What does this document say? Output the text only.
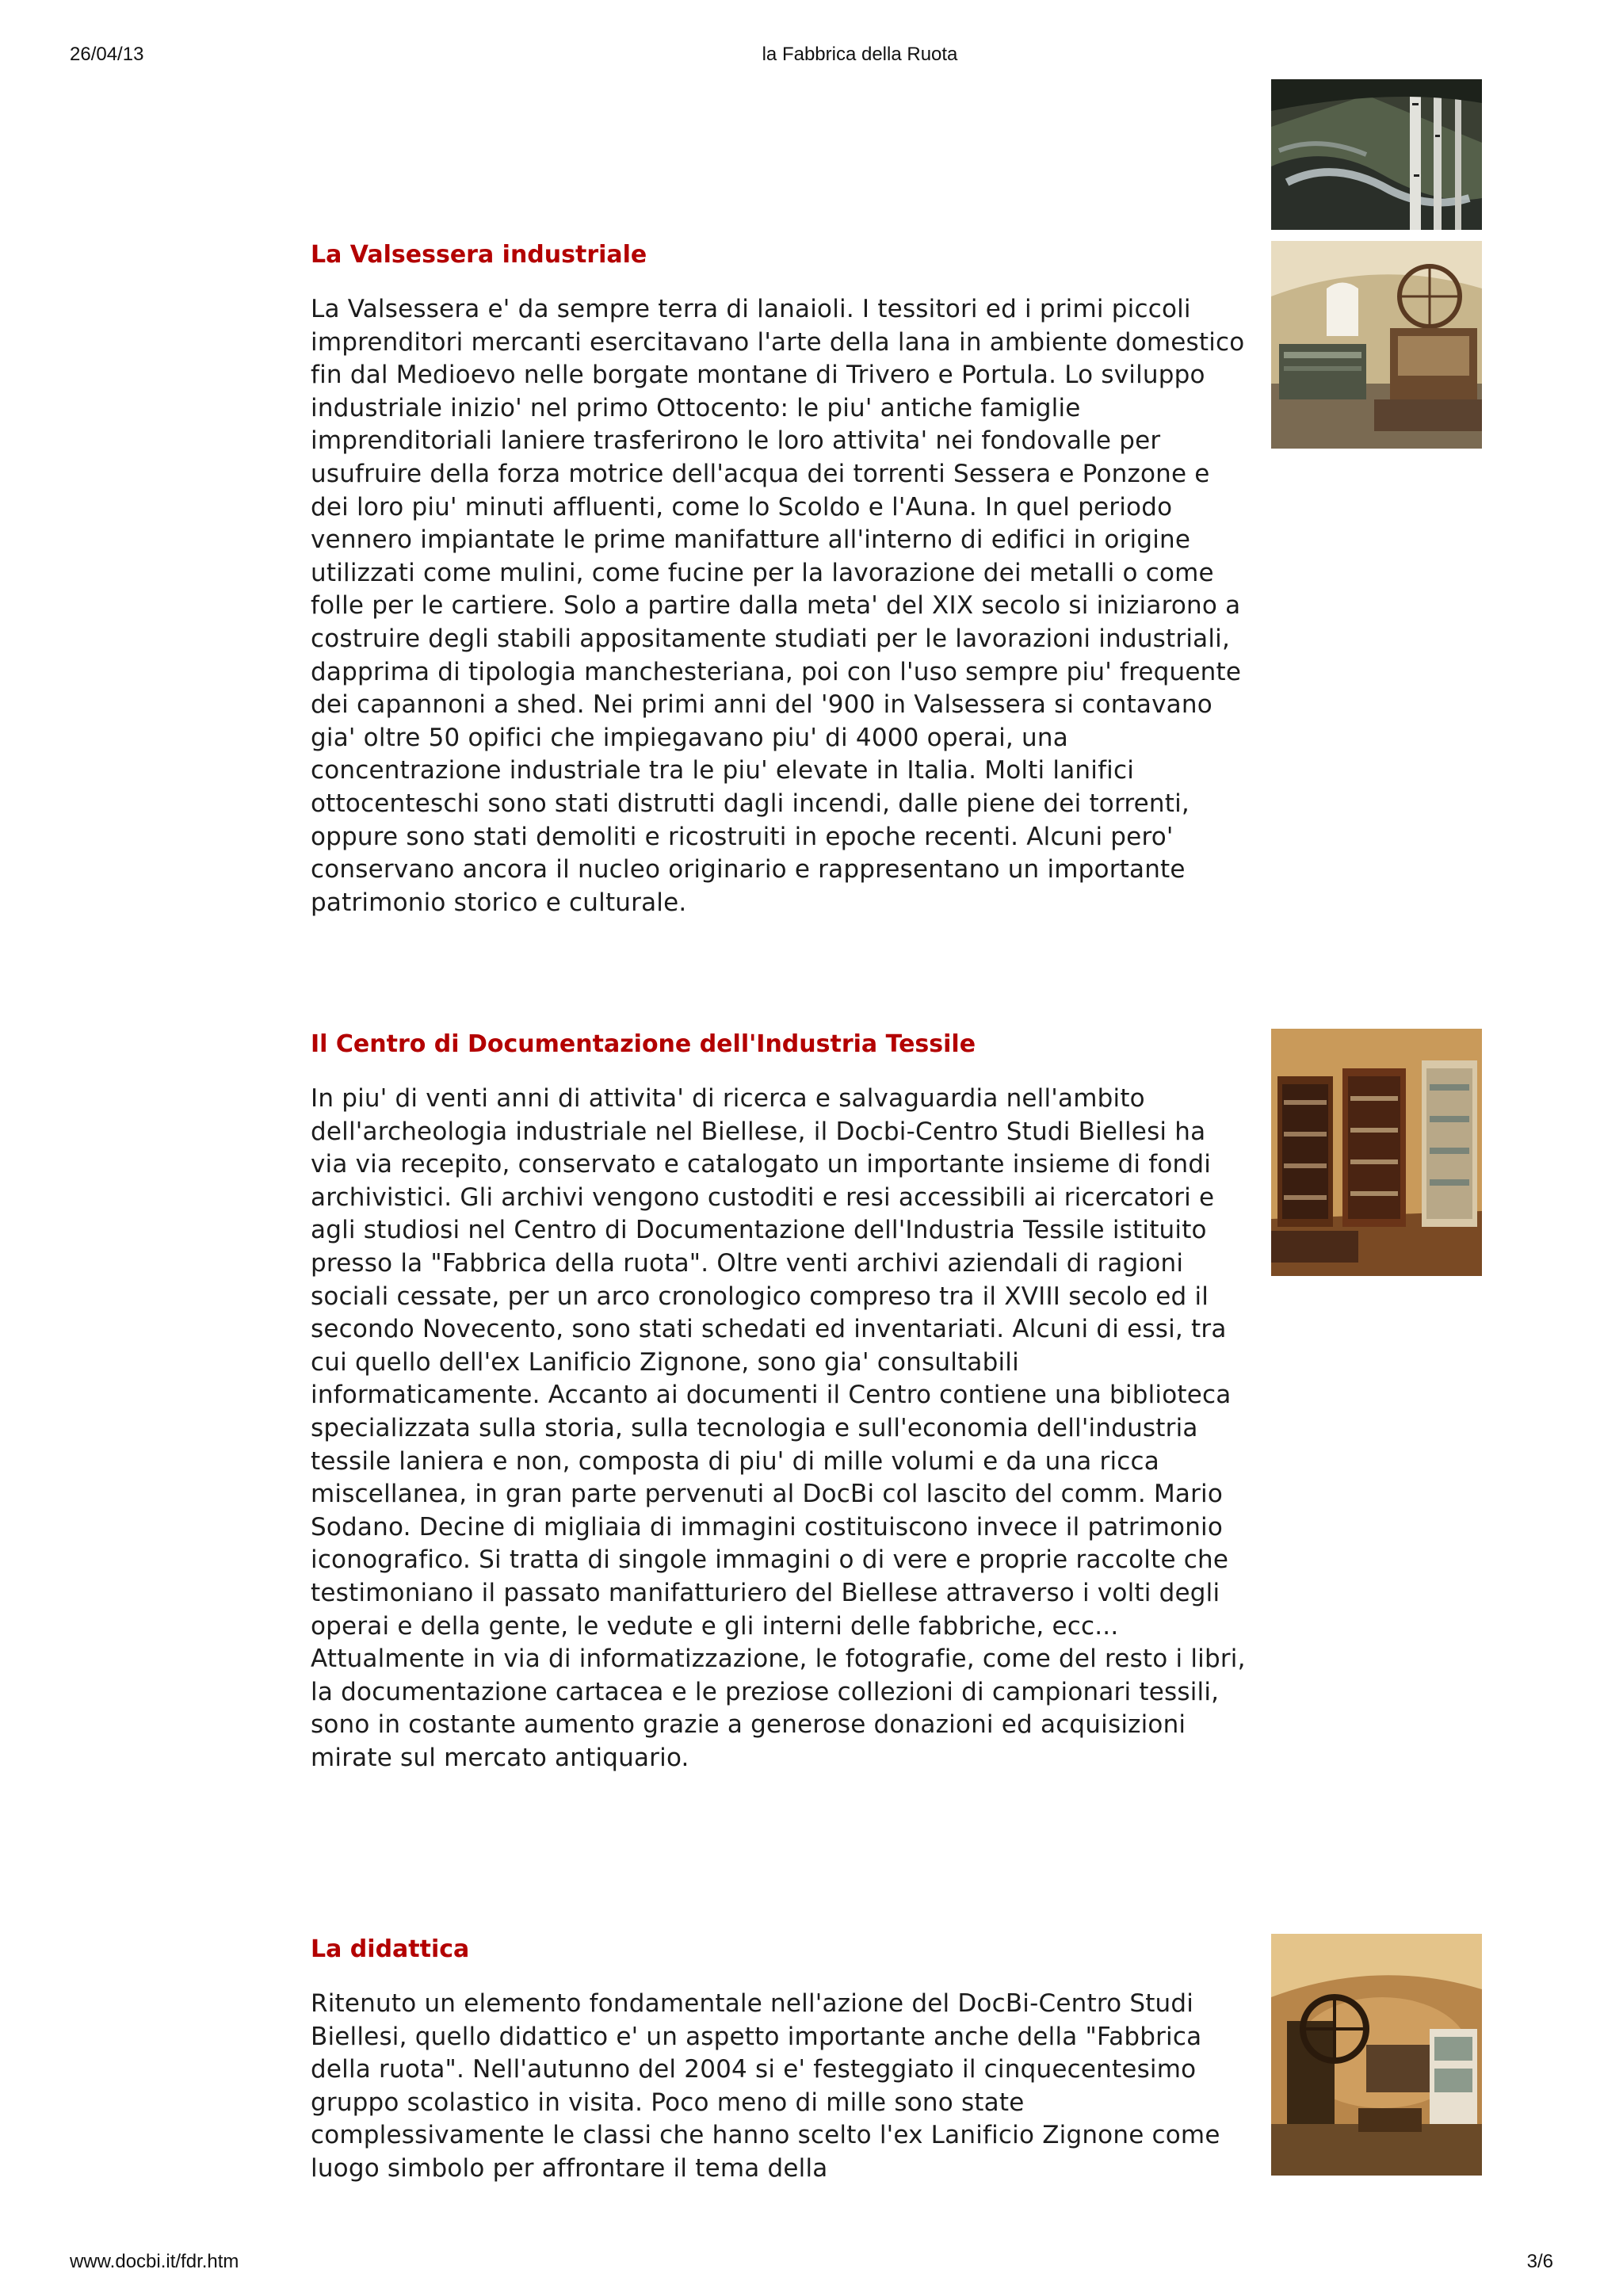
26/04/13	la Fabbrica della Ruota
La Valsessera industriale

La Valsessera e' da sempre terra di lanaioli. I tessitori ed i primi piccoli imprenditori mercanti esercitavano l'arte della lana in ambiente domestico fin dal Medioevo nelle borgate montane di Trivero e Portula. Lo sviluppo industriale inizio' nel primo Ottocento: le piu' antiche famiglie imprenditoriali laniere trasferirono le loro attivita' nei fondovalle per usufruire della forza motrice dell'acqua dei torrenti Sessera e Ponzone e dei loro piu' minuti affluenti, come lo Scoldo e l'Auna. In quel periodo vennero impiantate le prime manifatture all'interno di edifici in origine utilizzati come mulini, come fucine per la lavorazione dei metalli o come folle per le cartiere. Solo a partire dalla meta' del XIX secolo si iniziarono a costruire degli stabili appositamente studiati per le lavorazioni industriali, dapprima di tipologia manchesteriana, poi con l'uso sempre piu' frequente dei capannoni a shed. Nei primi anni del '900 in Valsessera si contavano gia' oltre 50 opifici che impiegavano piu' di 4000 operai, una concentrazione industriale tra le piu' elevate in Italia. Molti lanifici ottocenteschi sono stati distrutti dagli incendi, dalle piene dei torrenti, oppure sono stati demoliti e ricostruiti in epoche recenti. Alcuni pero' conservano ancora il nucleo originario e rappresentano un importante patrimonio storico e culturale.

Il Centro di Documentazione dell'Industria Tessile

In piu' di venti anni di attivita' di ricerca e salvaguardia nell'ambito dell'archeologia industriale nel Biellese, il Docbi-Centro Studi Biellesi ha via via recepito, conservato e catalogato un importante insieme di fondi archivistici. Gli archivi vengono custoditi e resi accessibili ai ricercatori e agli studiosi nel Centro di Documentazione dell'Industria Tessile istituito presso la "Fabbrica della ruota". Oltre venti archivi aziendali di ragioni sociali cessate, per un arco cronologico compreso tra il XVIII secolo ed il secondo Novecento, sono stati schedati ed inventariati. Alcuni di essi, tra cui quello dell'ex Lanificio Zignone, sono gia' consultabili informaticamente. Accanto ai documenti il Centro contiene una biblioteca specializzata sulla storia, sulla tecnologia e sull'economia dell'industria tessile laniera e non, composta di piu' di mille volumi e da una ricca miscellanea, in gran parte pervenuti al DocBi col lascito del comm. Mario Sodano. Decine di migliaia di immagini costituiscono invece il patrimonio iconografico. Si tratta di singole immagini o di vere e proprie raccolte che testimoniano il passato manifatturiero del Biellese attraverso i volti degli operai e della gente, le vedute e gli interni delle fabbriche, ecc... Attualmente in via di informatizzazione, le fotografie, come del resto i libri, la documentazione cartacea e le preziose collezioni di campionari tessili, sono in costante aumento grazie a generose donazioni ed acquisizioni mirate sul mercato antiquario.

La didattica

Ritenuto un elemento fondamentale nell'azione del DocBi-Centro Studi Biellesi, quello didattico e' un aspetto importante anche della "Fabbrica della ruota". Nell'autunno del 2004 si e' festeggiato il cinquecentesimo gruppo scolastico in visita. Poco meno di mille sono state complessivamente le classi che hanno scelto l'ex Lanificio Zignone come luogo simbolo per affrontare il tema della

www.docbi.it/fdr.htm	3/6
